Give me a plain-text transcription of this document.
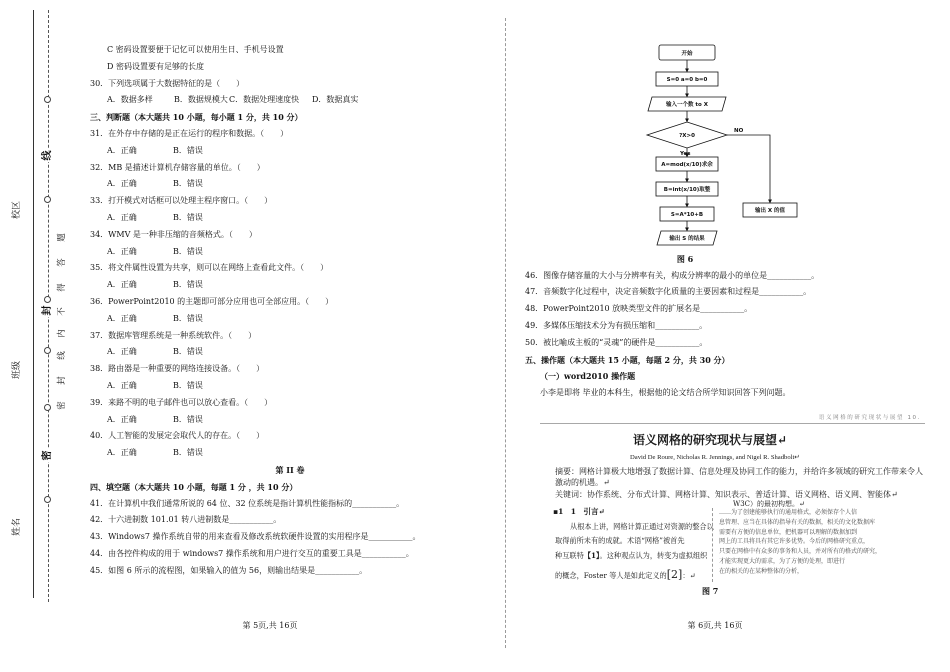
校区
班级
姓名
线
封
密
题
答
得
不
内
线
封
密
C 密码设置要便于记忆可以使用生日、手机号设置
D 密码设置要有足够的长度
30．下列选项属于大数据特征的是（　　）
A．数据多样	B．数据规模大C．数据处理速度快 D．数据真实
三、判断题（本大题共 10 小题，每小题 1 分，共 10 分）
31．在外存中存储的是正在运行的程序和数据。（　　）
A．正确	B．错误
32．MB 是描述计算机存储容量的单位。（　　）
A．正确	B．错误
33．打开模式对话框可以处理主程序窗口。（　　）
A．正确	B．错误
34．WMV 是一种非压缩的音频格式。（　　）
A．正确	B．错误
35．将文件属性设置为共享，则可以在网络上查看此文件。（　　）
A．正确	B．错误
36．PowerPoint2010 的主题即可部分应用也可全部应用。（　　）
A．正确	B．错误
37．数据库管理系统是一种系统软件。（　　）
A．正确	B．错误
38．路由器是一种重要的网络连接设备。（　　）
A．正确	B．错误
39．来路不明的电子邮件也可以放心查看。（　　）
A．正确	B．错误
40．人工智能的发展定会取代人的存在。（　　）
A．正确	B．错误
第 II 卷
四、填空题（本大题共 10 小题，每题 1 分 ，共 10 分）
41．在计算机中我们通常所说的 64 位、32 位系统是指计算机性能指标的___________。
42．十六进制数 101.01 转八进制数是___________。
43．Windows7 操作系统自带的用来查看及修改系统软硬件设置的实用程序是___________。
44．由各控件构成的用于 windows7 操作系统和用户进行交互的重要工具是___________。
45．如图 6 所示的流程图，如果输入的值为 56，则输出结果是___________。
第 5页,共 16页
开始
S=0 a=0 b=0
输入一个数 to X
?X>0
NO
Yes
A=mod(x/10)求余
B=int(x/10)取整
S=A*10+B
输出 S 的结果
输出 X 的值
图 6
46．图像存储容量的大小与分辨率有关，构成分辨率的最小的单位是___________。
47．音频数字化过程中，决定音频数字化质量的主要因素和过程是___________。
48．PowerPoint2010 放映类型文件的扩展名是___________。
49．多媒体压缩技术分为有损压缩和___________。
50．被比喻成主板的“灵魂”的硬件是___________。
五、操作题（本大题共 15 小题，每题 2 分，共 30 分）
（一）word2010 操作题
小李是即将 毕业的本科生，根据他的论文结合所学知识回答下列问题。
语义网格的研究现状与展望 10.
语义网格的研究现状与展望↵
David De Roure, Nicholas R. Jennings, and Nigel R. Shadbolt↵
摘要：网格计算极大地增强了数据计算、信息处理及协同工作的能力，并给许多领域的研究工作带来令人
激动的机遇。↵
关键词：协作系统、分布式计算、网格计算、知识表示、普适计算、语义网格、语义网、智能体↵
W3C）的最初构想。↵
▪1　1　引言↵
从根本上讲，网格计算正通过对资源的整合以
取得前所未有的成就。术语“网格”被首先
种互联特【1】。这种观点认为，转变为虚拟组织
的概念，Foster 等人是如此定义的[2]：↵
……为了创建能够执行的通用格式，必须保存个人信
息管理、应当在具体的指导有关的数据，相关的文化数据库
需要有方便的信息单位，把机器可以理解的数据加到
网上的工具将具有其它许多优势。今后的网格研究重点，
只要在网格中有众多的事务和人员，并对所有的格式的研究，
才能实现更大的需求，为了方便的处理，即进行
在的相关的在某种整体的分析，
图 7
第 6页,共 16页
